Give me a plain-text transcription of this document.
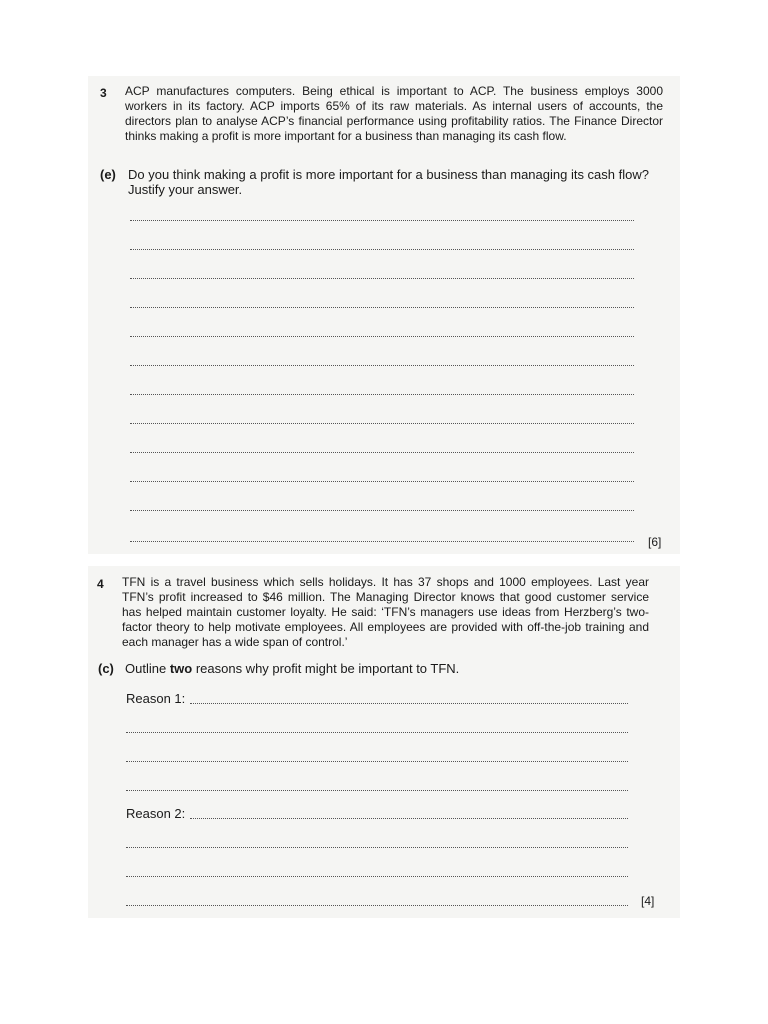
3 ACP manufactures computers. Being ethical is important to ACP. The business employs 3000 workers in its factory. ACP imports 65% of its raw materials. As internal users of accounts, the directors plan to analyse ACP’s financial performance using profitability ratios. The Finance Director thinks making a profit is more important for a business than managing its cash flow.
(e) Do you think making a profit is more important for a business than managing its cash flow?
Justify your answer.
[6]
4 TFN is a travel business which sells holidays. It has 37 shops and 1000 employees. Last year TFN’s profit increased to $46 million. The Managing Director knows that good customer service has helped maintain customer loyalty. He said: ‘TFN’s managers use ideas from Herzberg’s two-factor theory to help motivate employees. All employees are provided with off-the-job training and each manager has a wide span of control.’
(c) Outline two reasons why profit might be important to TFN.
Reason 1:
Reason 2:
[4]
